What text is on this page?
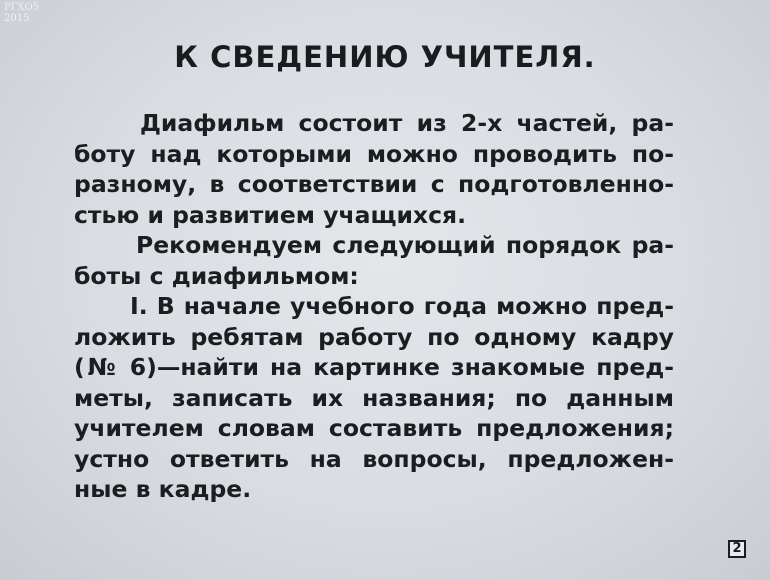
РГХО5
2015
К СВЕДЕНИЮ УЧИТЕЛЯ.
Диафильм состоит из 2-х частей, ра-
боту над которыми можно проводить по-
разному, в соответствии с подготовленно-
стью и развитием учащихся.
Рекомендуем следующий порядок ра-
боты с диафильмом:
I. В начале учебного года можно пред-
ложить ребятам работу по одному кадру
(№ 6)—найти на картинке знакомые пред-
меты, записать их названия; по данным
учителем словам составить предложения;
устно ответить на вопросы, предложен-
ные в кадре.
2
